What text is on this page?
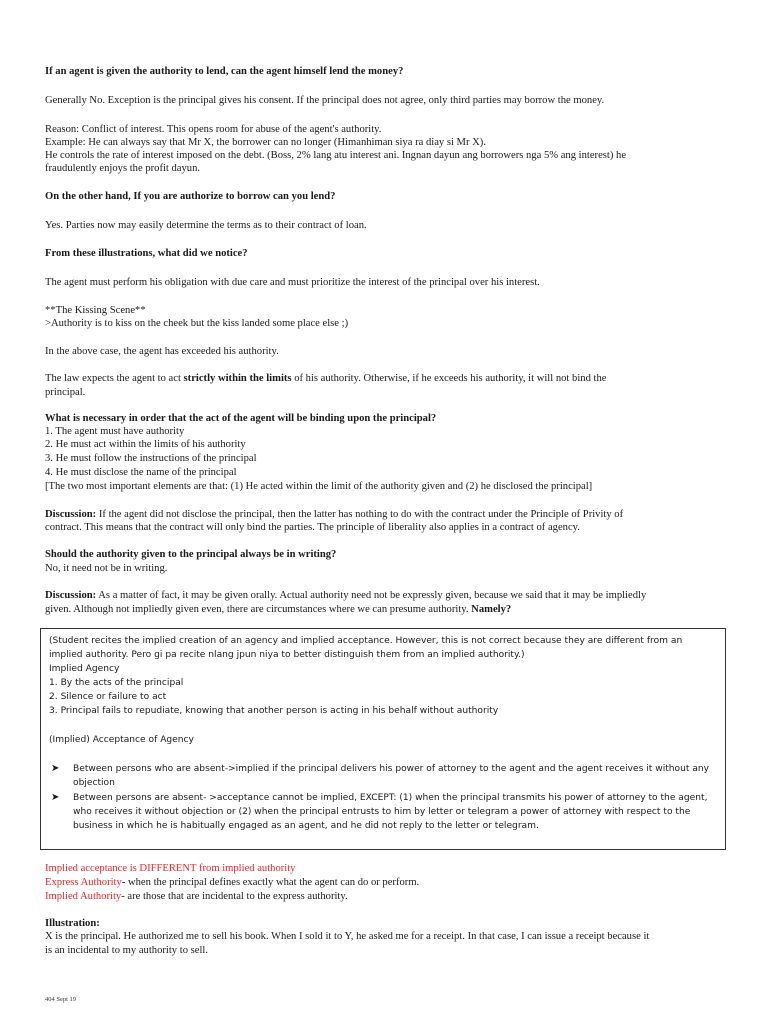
If an agent is given the authority to lend, can the agent himself lend the money?

Generally No. Exception is the principal gives his consent. If the principal does not agree, only third parties may borrow the money.

Reason: Conflict of interest. This opens room for abuse of the agent's authority.

Example: He can always say that Mr X, the borrower can no longer (Himanhiman siya ra diay si Mr X).

He controls the rate of interest imposed on the debt. (Boss, 2% lang atu interest ani. Ingnan dayun ang borrowers nga 5% ang interest) he

fraudulently enjoys the profit dayun.

On the other hand, If you are authorize to borrow can you lend?

Yes. Parties now may easily determine the terms as to their contract of loan.

From these illustrations, what did we notice?

The agent must perform his obligation with due care and must prioritize the interest of the principal over his interest.

**The Kissing Scene**

>Authority is to kiss on the cheek but the kiss landed some place else ;)

In the above case, the agent has exceeded his authority.

The law expects the agent to act strictly within the limits of his authority. Otherwise, if he exceeds his authority, it will not bind the

principal.

What is necessary in order that the act of the agent will be binding upon the principal?

1. The agent must have authority

2. He must act within the limits of his authority

3. He must follow the instructions of the principal

4. He must disclose the name of the principal

[The two most important elements are that: (1) He acted within the limit of the authority given and (2) he disclosed the principal]

Discussion: If the agent did not disclose the principal, then the latter has nothing to do with the contract under the Principle of Privity of

contract. This means that the contract will only bind the parties. The principle of liberality also applies in a contract of agency.

Should the authority given to the principal always be in writing?

No, it need not be in writing.

Discussion: As a matter of fact, it may be given orally. Actual authority need not be expressly given, because we said that it may be impliedly

given. Although not impliedly given even, there are circumstances where we can presume authority. Namely?

(Student recites the implied creation of an agency and implied acceptance. However, this is not correct because they are different from an

implied authority. Pero gi pa recite nlang jpun niya to better distinguish them from an implied authority.)

Implied Agency

1. By the acts of the principal

2. Silence or failure to act

3. Principal fails to repudiate, knowing that another person is acting in his behalf without authority

(Implied) Acceptance of Agency

➤ Between persons who are absent->implied if the principal delivers his power of attorney to the agent and the agent receives it without any

objection

➤ Between persons are absent- >acceptance cannot be implied, EXCEPT: (1) when the principal transmits his power of attorney to the agent,

who receives it without objection or (2) when the principal entrusts to him by letter or telegram a power of attorney with respect to the

business in which he is habitually engaged as an agent, and he did not reply to the letter or telegram.

Implied acceptance is DIFFERENT from implied authority

Express Authority- when the principal defines exactly what the agent can do or perform.

Implied Authority- are those that are incidental to the express authority.

Illustration:

X is the principal. He authorized me to sell his book. When I sold it to Y, he asked me for a receipt. In that case, I can issue a receipt because it

is an incidental to my authority to sell.

404 Sept 19
